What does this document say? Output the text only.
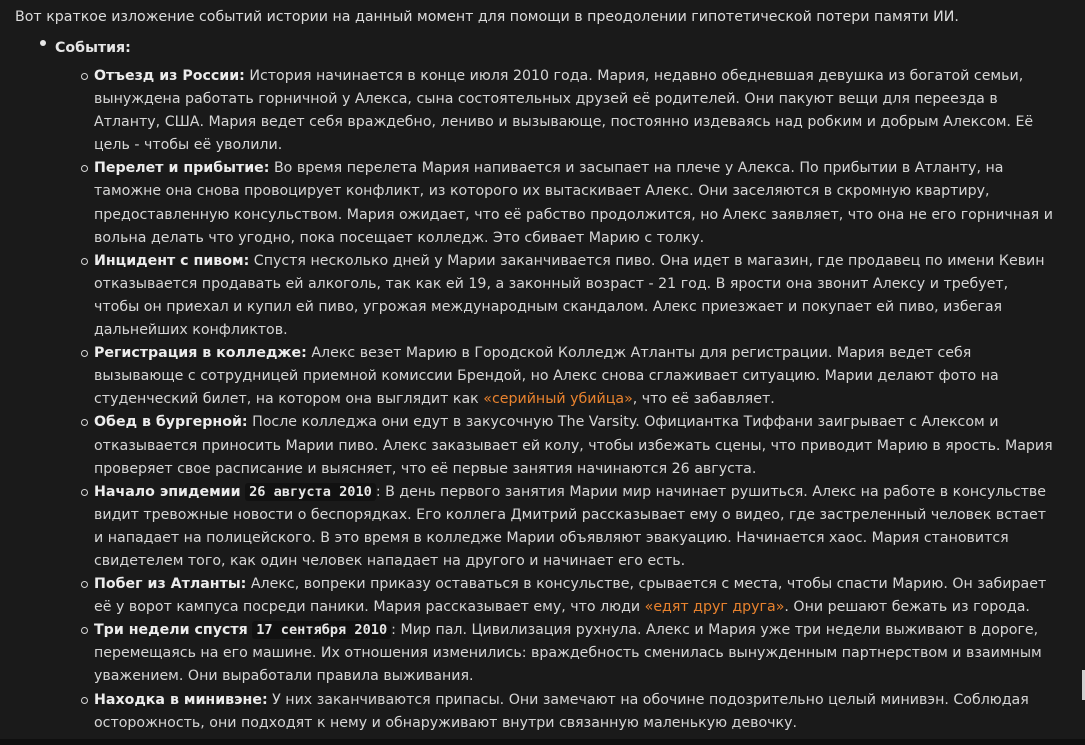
Вот краткое изложение событий истории на данный момент для помощи в преодолении гипотетической потери памяти ИИ.
События:
Отъезд из России: История начинается в конце июля 2010 года. Мария, недавно обедневшая девушка из богатой семьи, вынуждена работать горничной у Алекса, сына состоятельных друзей её родителей. Они пакуют вещи для переезда в Атланту, США. Мария ведет себя враждебно, лениво и вызывающе, постоянно издеваясь над робким и добрым Алексом. Её цель - чтобы её уволили.
Перелет и прибытие: Во время перелета Мария напивается и засыпает на плече у Алекса. По прибытии в Атланту, на таможне она снова провоцирует конфликт, из которого их вытаскивает Алекс. Они заселяются в скромную квартиру, предоставленную консульством. Мария ожидает, что её рабство продолжится, но Алекс заявляет, что она не его горничная и вольна делать что угодно, пока посещает колледж. Это сбивает Марию с толку.
Инцидент с пивом: Спустя несколько дней у Марии заканчивается пиво. Она идет в магазин, где продавец по имени Кевин отказывается продавать ей алкоголь, так как ей 19, а законный возраст - 21 год. В ярости она звонит Алексу и требует, чтобы он приехал и купил ей пиво, угрожая международным скандалом. Алекс приезжает и покупает ей пиво, избегая дальнейших конфликтов.
Регистрация в колледже: Алекс везет Марию в Городской Колледж Атланты для регистрации. Мария ведет себя вызывающе с сотрудницей приемной комиссии Брендой, но Алекс снова сглаживает ситуацию. Марии делают фото на студенческий билет, на котором она выглядит как «серийный убийца», что её забавляет.
Обед в бургерной: После колледжа они едут в закусочную The Varsity. Официантка Тиффани заигрывает с Алексом и отказывается приносить Марии пиво. Алекс заказывает ей колу, чтобы избежать сцены, что приводит Марию в ярость. Мария проверяет свое расписание и выясняет, что её первые занятия начинаются 26 августа.
Начало эпидемии 26 августа 2010 : В день первого занятия Марии мир начинает рушиться. Алекс на работе в консульстве видит тревожные новости о беспорядках. Его коллега Дмитрий рассказывает ему о видео, где застреленный человек встает и нападает на полицейского. В это время в колледже Марии объявляют эвакуацию. Начинается хаос. Мария становится свидетелем того, как один человек нападает на другого и начинает его есть.
Побег из Атланты: Алекс, вопреки приказу оставаться в консульстве, срывается с места, чтобы спасти Марию. Он забирает её у ворот кампуса посреди паники. Мария рассказывает ему, что люди «едят друг друга». Они решают бежать из города.
Три недели спустя 17 сентября 2010 : Мир пал. Цивилизация рухнула. Алекс и Мария уже три недели выживают в дороге, перемещаясь на его машине. Их отношения изменились: враждебность сменилась вынужденным партнерством и взаимным уважением. Они выработали правила выживания.
Находка в минивэне: У них заканчиваются припасы. Они замечают на обочине подозрительно целый минивэн. Соблюдая осторожность, они подходят к нему и обнаруживают внутри связанную маленькую девочку.
